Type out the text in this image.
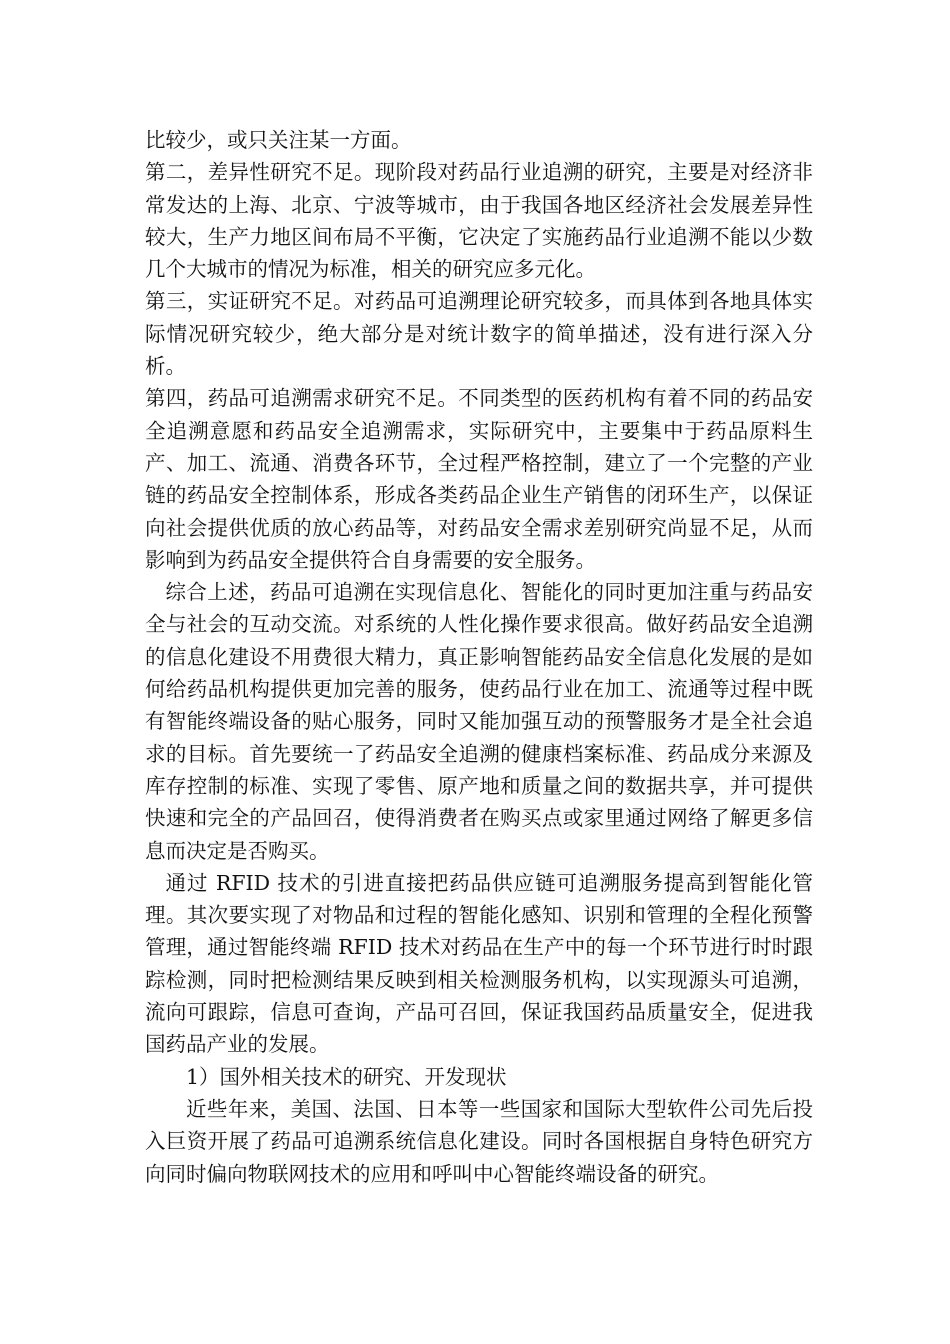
比较少，或只关注某一方面。

第二，差异性研究不足。现阶段对药品行业追溯的研究，主要是对经济非常发达的上海、北京、宁波等城市，由于我国各地区经济社会发展差异性较大，生产力地区间布局不平衡，它决定了实施药品行业追溯不能以少数几个大城市的情况为标准，相关的研究应多元化。

第三，实证研究不足。对药品可追溯理论研究较多，而具体到各地具体实际情况研究较少，绝大部分是对统计数字的简单描述，没有进行深入分析。

第四，药品可追溯需求研究不足。不同类型的医药机构有着不同的药品安全追溯意愿和药品安全追溯需求，实际研究中，主要集中于药品原料生产、加工、流通、消费各环节，全过程严格控制，建立了一个完整的产业链的药品安全控制体系，形成各类药品企业生产销售的闭环生产，以保证向社会提供优质的放心药品等，对药品安全需求差别研究尚显不足，从而影响到为药品安全提供符合自身需要的安全服务。

综合上述，药品可追溯在实现信息化、智能化的同时更加注重与药品安全与社会的互动交流。对系统的人性化操作要求很高。做好药品安全追溯的信息化建设不用费很大精力，真正影响智能药品安全信息化发展的是如何给药品机构提供更加完善的服务，使药品行业在加工、流通等过程中既有智能终端设备的贴心服务，同时又能加强互动的预警服务才是全社会追求的目标。首先要统一了药品安全追溯的健康档案标准、药品成分来源及库存控制的标准、实现了零售、原产地和质量之间的数据共享，并可提供快速和完全的产品回召，使得消费者在购买点或家里通过网络了解更多信息而决定是否购买。

通过 RFID 技术的引进直接把药品供应链可追溯服务提高到智能化管理。其次要实现了对物品和过程的智能化感知、识别和管理的全程化预警管理，通过智能终端 RFID 技术对药品在生产中的每一个环节进行时时跟踪检测，同时把检测结果反映到相关检测服务机构，以实现源头可追溯，流向可跟踪，信息可查询，产品可召回，保证我国药品质量安全，促进我国药品产业的发展。

1）国外相关技术的研究、开发现状

近些年来，美国、法国、日本等一些国家和国际大型软件公司先后投入巨资开展了药品可追溯系统信息化建设。同时各国根据自身特色研究方向同时偏向物联网技术的应用和呼叫中心智能终端设备的研究。
